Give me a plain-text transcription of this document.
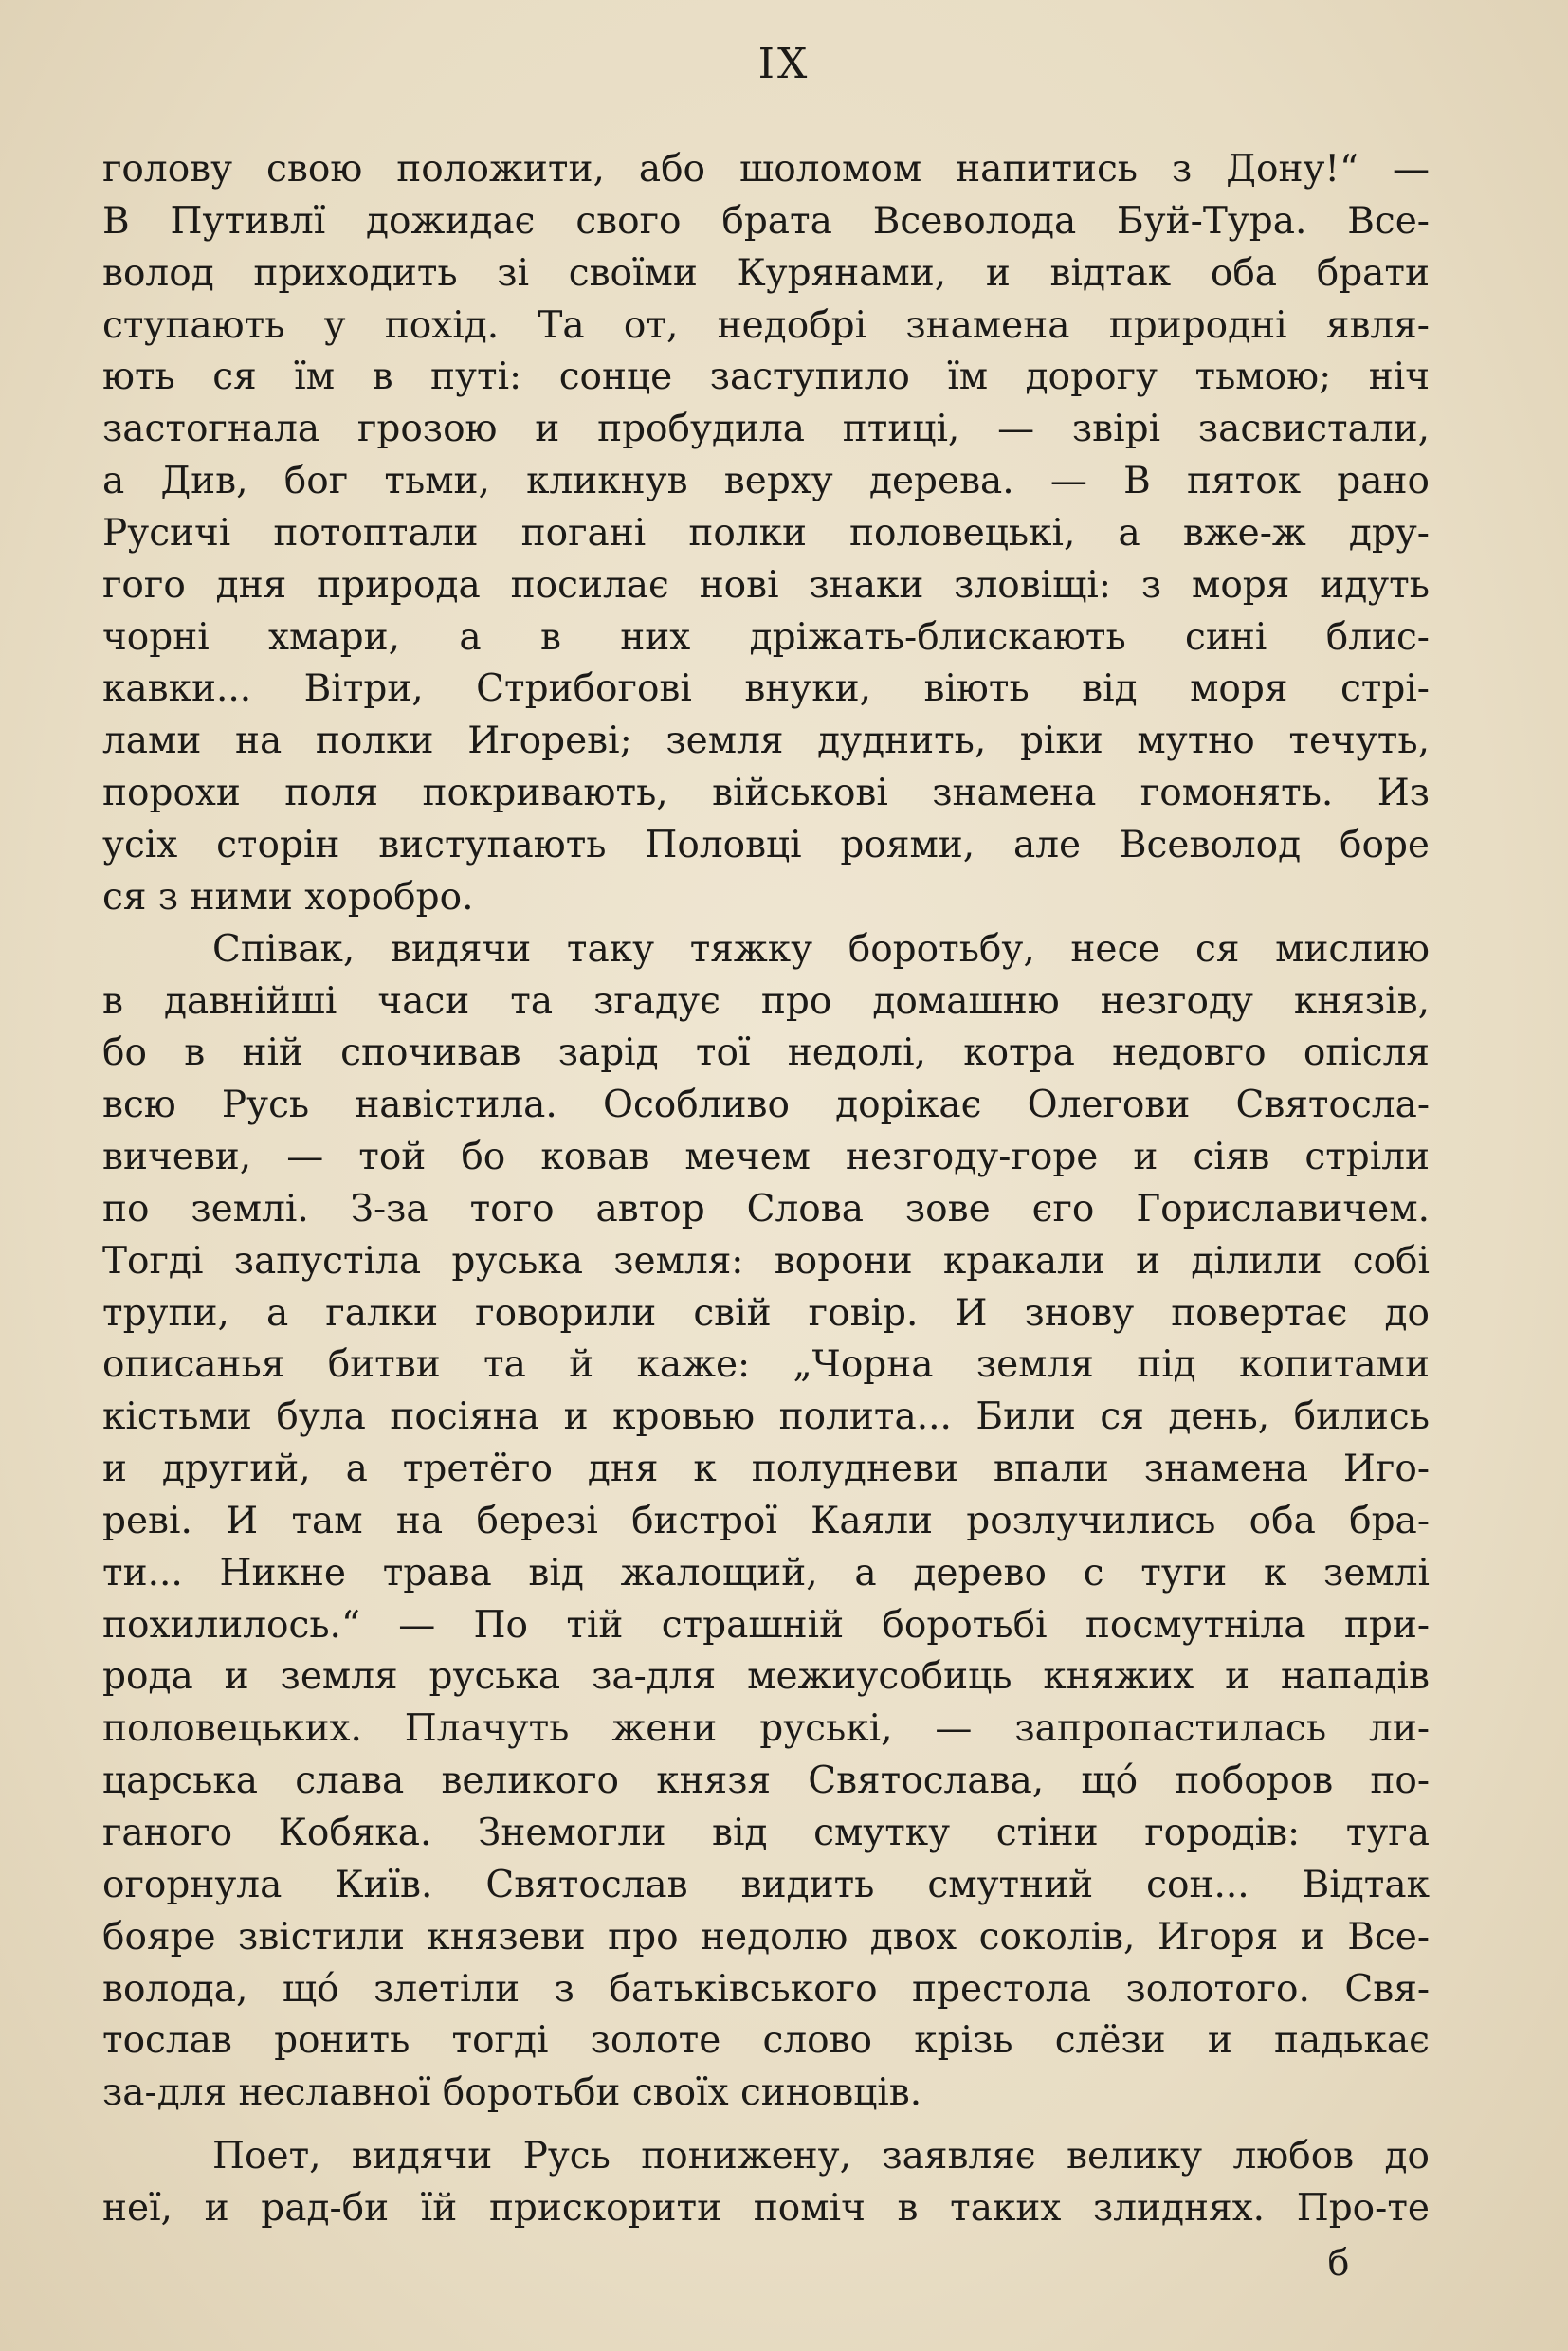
IX
голову свою положити, або шоломом напитись з Дону!“ —
В Путивлї дожидає свого брата Всеволода Буй-Тура. Все-
волод приходить зі своїми Курянами, и відтак оба брати
ступають у похід. Та от, недобрі знамена природні явля-
ють ся їм в путі: сонце заступило їм дорогу тьмою; ніч
застогнала грозою и пробудила птиці, — звірі засвистали,
а Див, бог тьми, кликнув верху дерева. — В пяток рано
Русичі потоптали погані полки половецькі, а вже-ж дру-
гого дня природа посилає нові знаки зловіщі: з моря идуть
чорні хмари, а в них дріжать-блискають сині блис-
кавки... Вітри, Стрибогові внуки, віють від моря стрі-
лами на полки Игореві; земля дуднить, ріки мутно течуть,
порохи поля покривають, військові знамена гомонять. Из
усіх сторін виступають Половці роями, але Всеволод боре
ся з ними хоробро.
Співак, видячи таку тяжку боротьбу, несе ся мислию
в давнійші часи та згадує про домашню незгоду князів,
бо в ній спочивав зарід тої недолі, котра недовго опісля
всю Русь навістила. Особливо дорікає Олегови Святосла-
вичеви, — той бо ковав мечем незгоду-горе и сіяв стріли
по землі. З-за того автор Слова зове єго Гориславичем.
Тогді запустіла руська земля: ворони кракали и ділили собі
трупи, а галки говорили свій говір. И знову повертає до
описанья битви та й каже: „Чорна земля під копитами
кістьми була посіяна и кровью полита... Били ся день, бились
и другий, а третёго дня к полудневи впали знамена Иго-
реві. И там на березі бистрої Каяли розлучились оба бра-
ти... Никне трава від жалощий, а дерево с туги к землі
похилилось.“ — По тій страшній боротьбі посмутніла при-
рода и земля руська за-для межиусобиць княжих и нападів
половецьких. Плачуть жени руські, — запропастилась ли-
царська слава великого князя Святослава, щó поборов по-
ганого Кобяка. Знемогли від смутку стіни городів: туга
огорнула Київ. Святослав видить смутний сон... Відтак
бояре звістили князеви про недолю двох соколів, Игоря и Все-
волода, щó злетіли з батьківського престола золотого. Свя-
тослав ронить тогді золоте слово крізь слёзи и падькає
за-для неславної боротьби своїх синовців.
Поет, видячи Русь понижену, заявляє велику любов до
неї, и рад-би їй прискорити поміч в таких злиднях. Про-те
б
